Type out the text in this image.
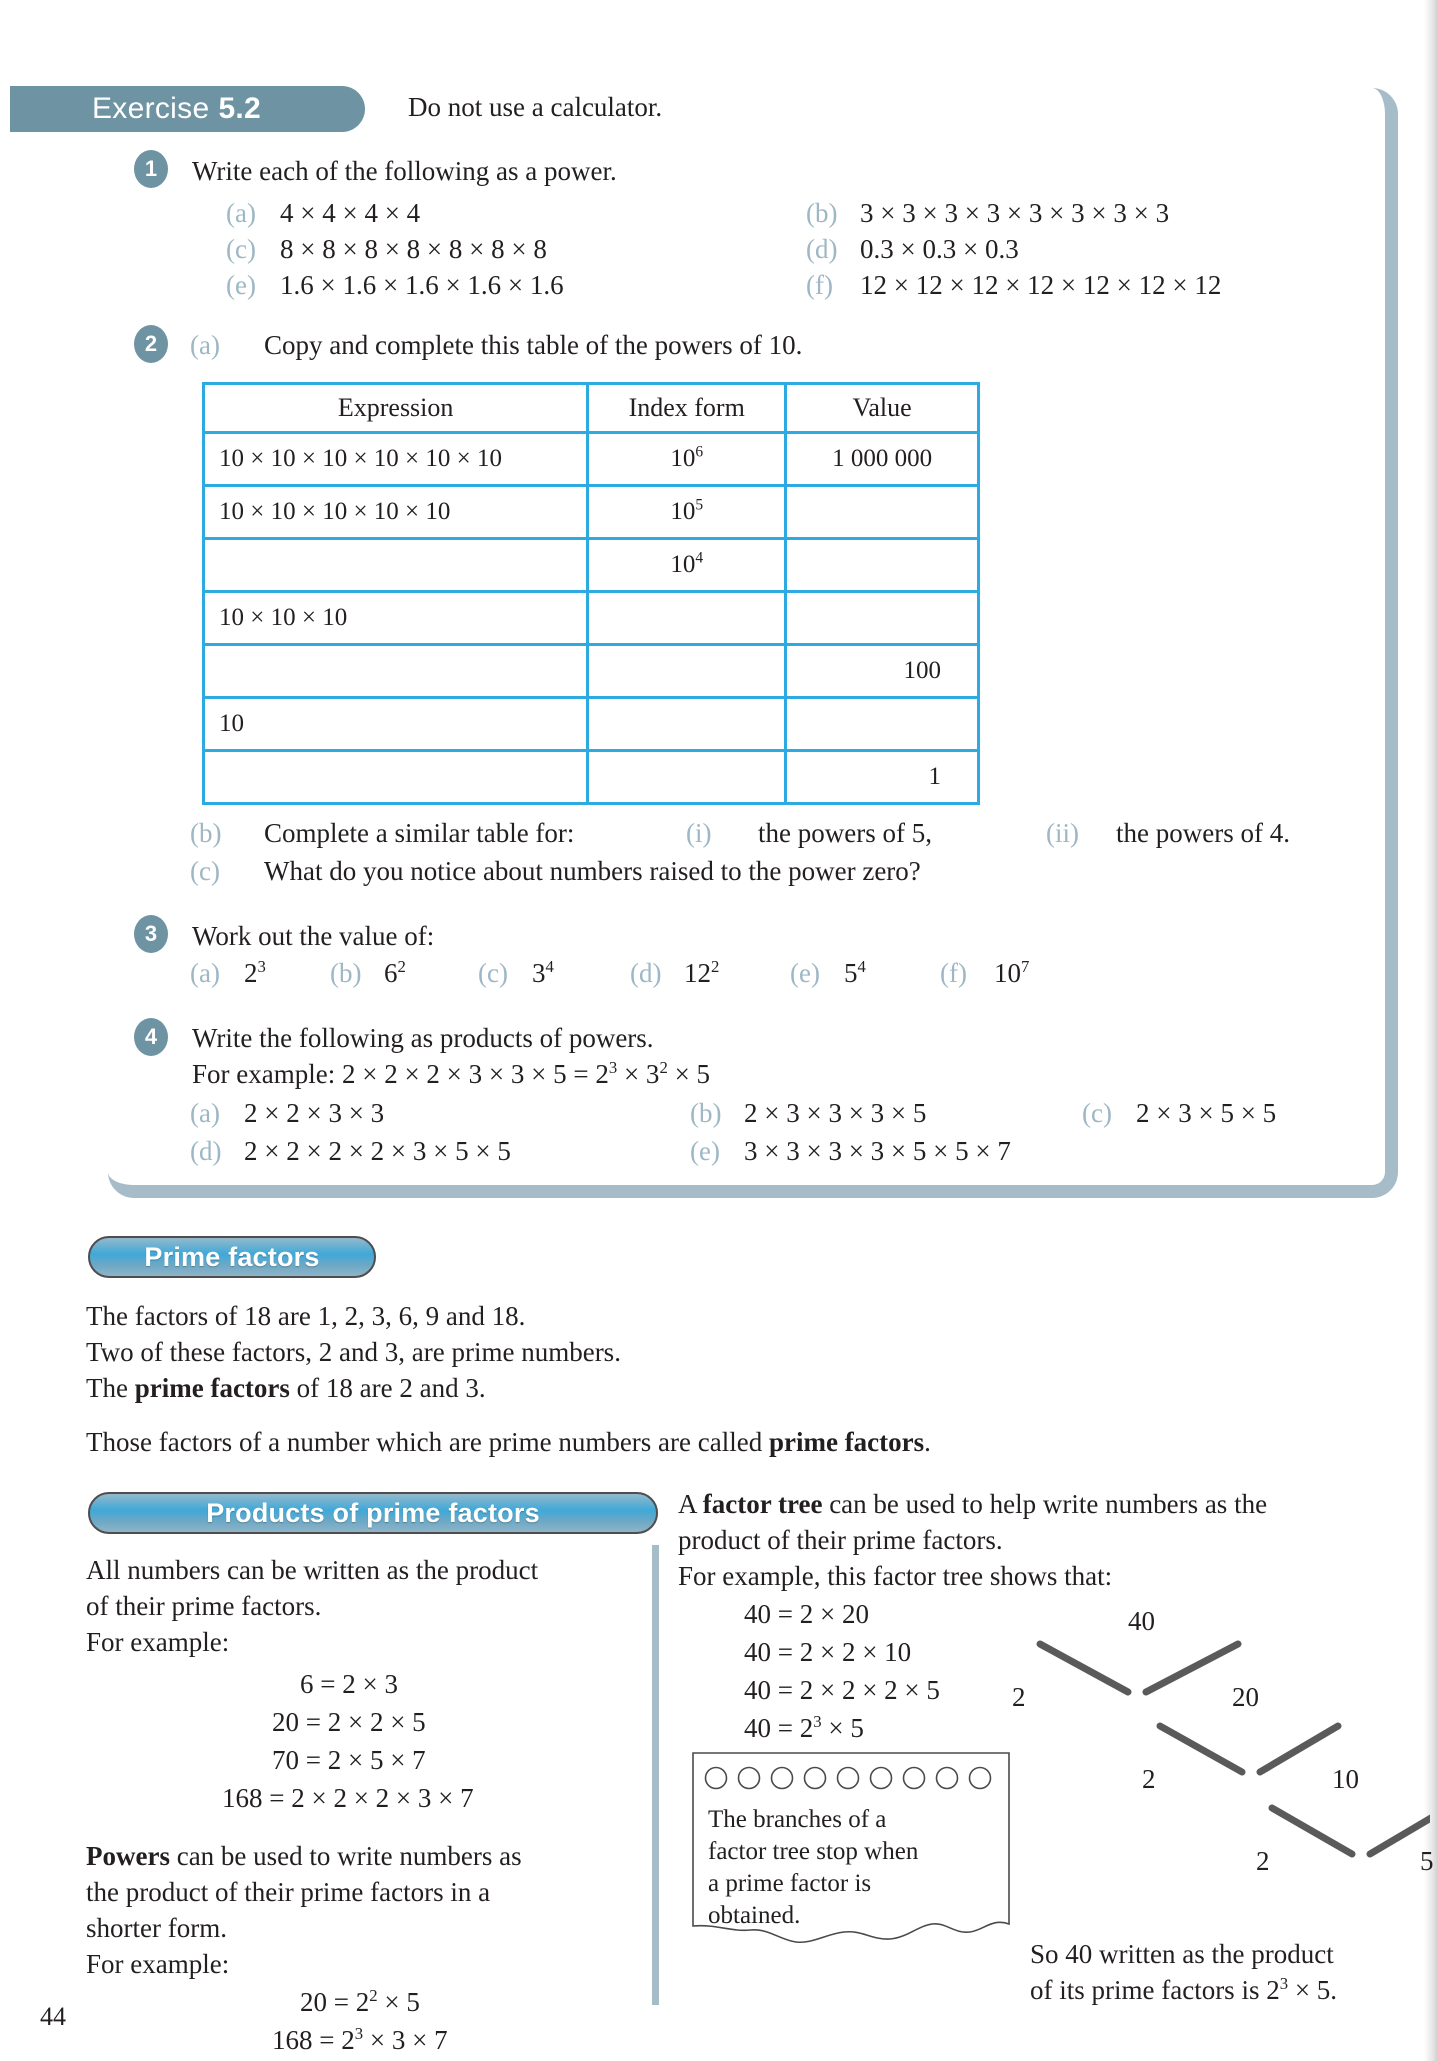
Exercise 5.2	Do not use a calculator.
1	Write each of the following as a power.
(a) 4 × 4 × 4 × 4	(b) 3 × 3 × 3 × 3 × 3 × 3 × 3 × 3
(c) 8 × 8 × 8 × 8 × 8 × 8 × 8	(d) 0.3 × 0.3 × 0.3
(e) 1.6 × 1.6 × 1.6 × 1.6 × 1.6	(f) 12 × 12 × 12 × 12 × 12 × 12 × 12
2	(a) Copy and complete this table of the powers of 10.
Expression	Index form	Value
10 × 10 × 10 × 10 × 10 × 10	$10^6$	1 000 000
10 × 10 × 10 × 10 × 10	$10^5$	
	$10^4$	
10 × 10 × 10		
		100
10		
		1
(b) Complete a similar table for:	(i) the powers of 5,	(ii) the powers of 4.
(c) What do you notice about numbers raised to the power zero?
3	Work out the value of:
(a) $2^3$ (b) $6^2$	(c) $3^4$	(d) $12^2$	(e) $5^4$	(f) $10^7$
4	Write the following as products of powers.
For example: $2 \times 2 \times 2 \times 3 \times 3 \times 5 = 2^3 \times 3^2 \times 5$
(a) 2 × 2 × 3 × 3	(b) 2 × 3 × 3 × 3 × 5	(c) 2 × 3 × 5 × 5
(d) 2 × 2 × 2 × 2 × 3 × 5 × 5	(e) 3 × 3 × 3 × 3 × 5 × 5 × 7
Prime factors
The factors of 18 are 1, 2, 3, 6, 9 and 18.
Two of these factors, 2 and 3, are prime numbers.
The prime factors of 18 are 2 and 3.
Those factors of a number which are prime numbers are called prime factors.
Products of prime factors	A factor tree can be used to help write numbers as the
product of their prime factors.
For example, this factor tree shows that:
40 = 2 × 20
40 = 2 × 2 × 10
40 = 2 × 2 × 2 × 5
$40 = 2^3 \times 5$
All numbers can be written as the product
of their prime factors.
For example:
6 = 2 × 3
20 = 2 × 2 × 5
70 = 2 × 5 × 7
168 = 2 × 2 × 2 × 3 × 7
Powers can be used to write numbers as
the product of their prime factors in a
shorter form.
For example:
$20 = 2^2 \times 5$
$168 = 2^3 \times 3 \times 7$
The branches of a
factor tree stop when
a prime factor is
obtained.
40
2	20
2	10
2	5
So 40 written as the product
of its prime factors is $2^3 \times 5$.
44
